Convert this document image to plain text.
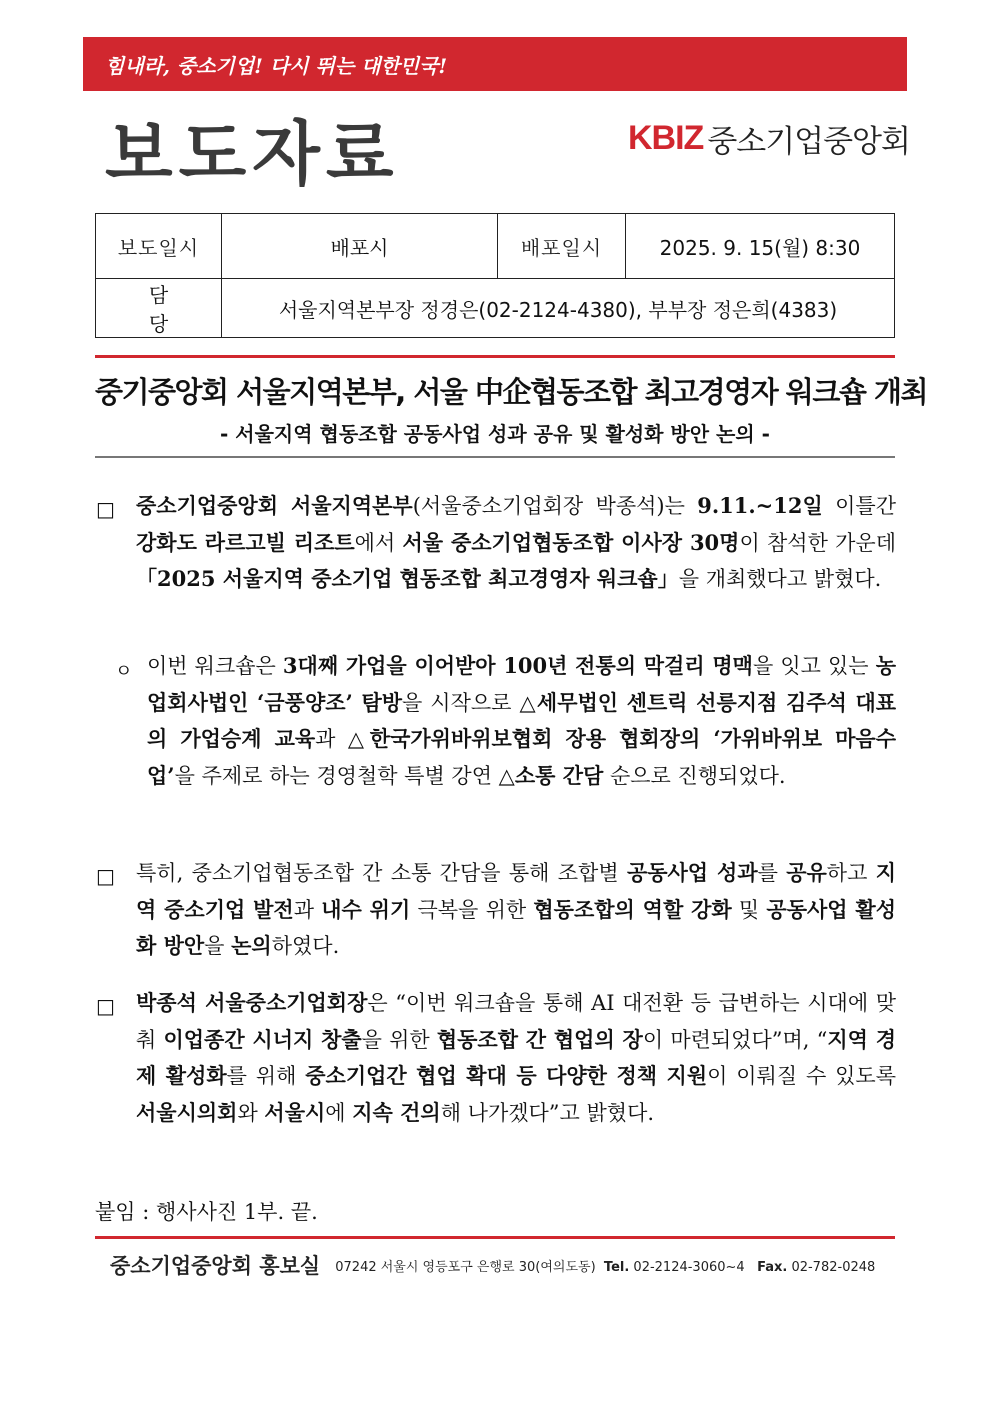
힘내라, 중소기업! 다시 뛰는 대한민국!
보도자료	KBIZ 중소기업중앙회
보도일시	배포시	배포일시	2025. 9. 15(월) 8:30
담당	서울지역본부장 정경은(02-2124-4380), 부부장 정은희(4383)		
중기중앙회 서울지역본부, 서울 中企협동조합 최고경영자 워크숍 개최
- 서울지역 협동조합 공동사업 성과 공유 및 활성화 방안 논의 -
□ 중소기업중앙회 서울지역본부(서울중소기업회장 박종석)는 9.11.~12일 이틀간 강화도 라르고빌 리조트에서 서울 중소기업협동조합 이사장 30명이 참석한 가운데 「2025 서울지역 중소기업 협동조합 최고경영자 워크숍」을 개최했다고 밝혔다.
ㅇ 이번 워크숍은 3대째 가업을 이어받아 100년 전통의 막걸리 명맥을 잇고 있는 농업회사법인 ‘금풍양조’ 탐방을 시작으로 △세무법인 센트릭 선릉지점 김주석 대표의 가업승계 교육과 △한국가위바위보협회 장용 협회장의 ‘가위바위보 마음수업’을 주제로 하는 경영철학 특별 강연 △소통 간담 순으로 진행되었다.
□ 특히, 중소기업협동조합 간 소통 간담을 통해 조합별 공동사업 성과를 공유하고 지역 중소기업 발전과 내수 위기 극복을 위한 협동조합의 역할 강화 및 공동사업 활성화 방안을 논의하였다.
□ 박종석 서울중소기업회장은 “이번 워크숍을 통해 AI 대전환 등 급변하는 시대에 맞춰 이업종간 시너지 창출을 위한 협동조합 간 협업의 장이 마련되었다”며, “지역 경제 활성화를 위해 중소기업간 협업 확대 등 다양한 정책 지원이 이뤄질 수 있도록 서울시의회와 서울시에 지속 건의해 나가겠다”고 밝혔다.
붙임 : 행사사진 1부. 끝.
중소기업중앙회 홍보실 07242 서울시 영등포구 은행로 30(여의도동) Tel. 02-2124-3060~4 Fax. 02-782-0248
